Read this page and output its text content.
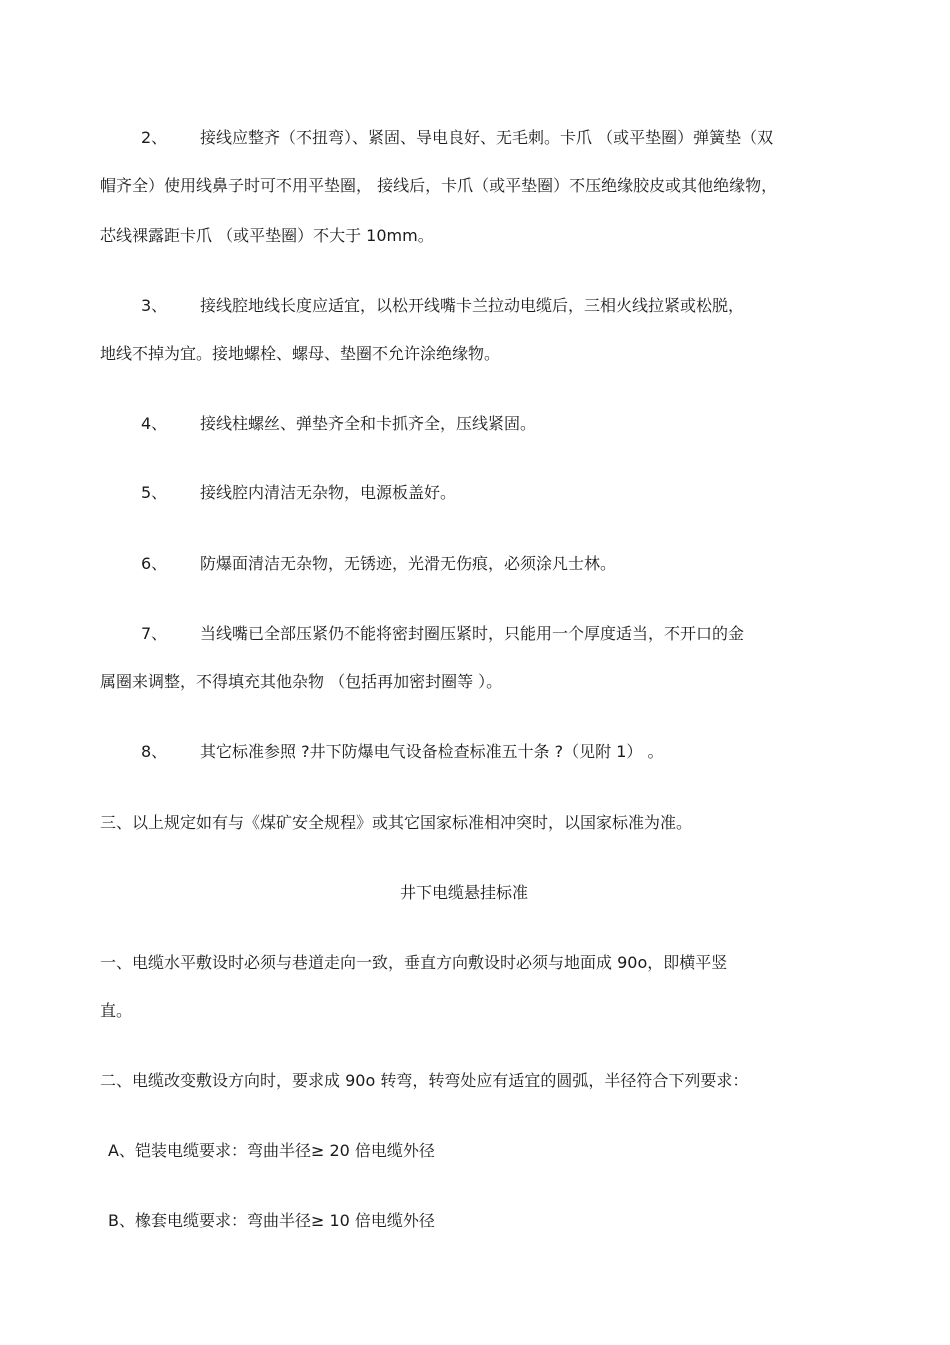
2、 接线应整齐（不扭弯）、紧固、导电良好、无毛刺。卡爪 （或平垫圈）弹簧垫（双
帽齐全）使用线鼻子时可不用平垫圈， 接线后，卡爪（或平垫圈）不压绝缘胶皮或其他绝缘物，
芯线裸露距卡爪 （或平垫圈）不大于 10mm。
3、 接线腔地线长度应适宜，以松开线嘴卡兰拉动电缆后，三相火线拉紧或松脱，
地线不掉为宜。接地螺栓、螺母、垫圈不允许涂绝缘物。
4、 接线柱螺丝、弹垫齐全和卡抓齐全，压线紧固。
5、 接线腔内清洁无杂物，电源板盖好。
6、 防爆面清洁无杂物，无锈迹，光滑无伤痕，必须涂凡士林。
7、 当线嘴已全部压紧仍不能将密封圈压紧时，只能用一个厚度适当，不开口的金
属圈来调整，不得填充其他杂物 （包括再加密封圈等 ）。
8、 其它标准参照 ?井下防爆电气设备检查标准五十条 ?（见附 1） 。
三、以上规定如有与《煤矿安全规程》或其它国家标准相冲突时，以国家标准为准。
井下电缆悬挂标准
一、电缆水平敷设时必须与巷道走向一致，垂直方向敷设时必须与地面成 90o，即横平竖
直。
二、电缆改变敷设方向时，要求成 90o 转弯，转弯处应有适宜的圆弧，半径符合下列要求：
A、铠装电缆要求：弯曲半径≥ 20 倍电缆外径
B、橡套电缆要求：弯曲半径≥ 10 倍电缆外径
